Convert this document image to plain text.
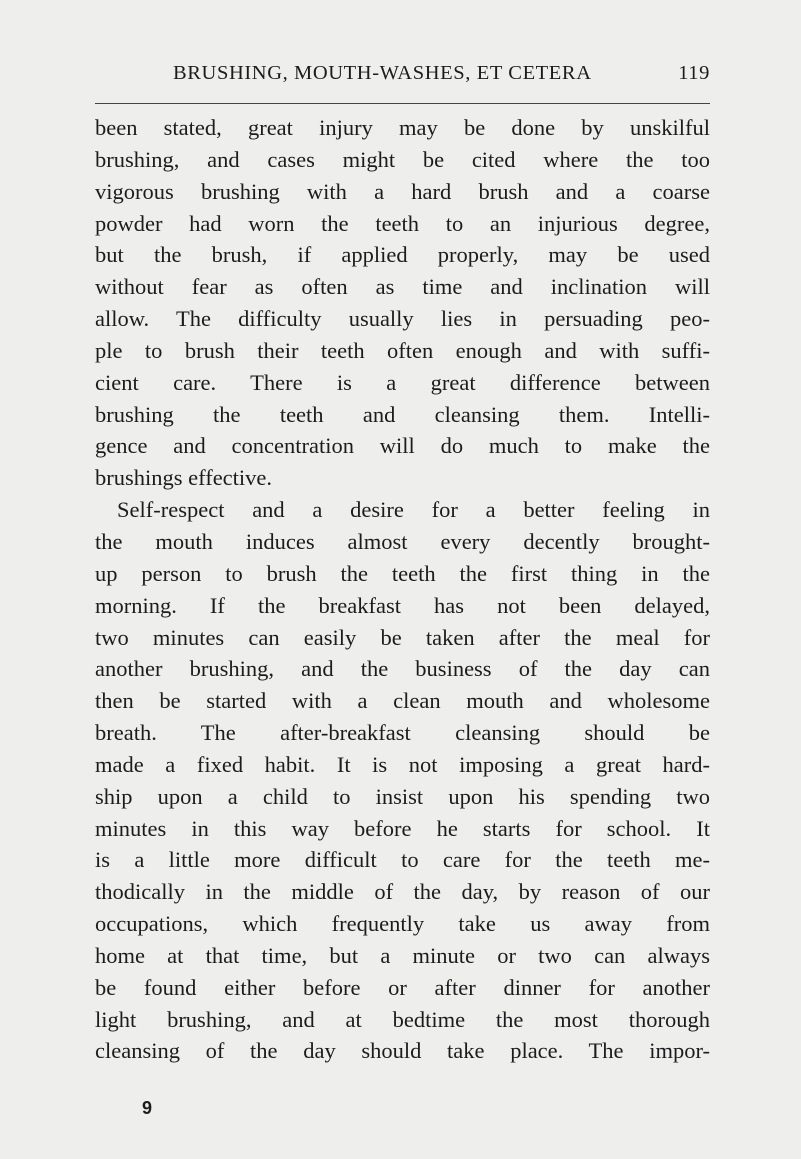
BRUSHING, MOUTH-WASHES, ET CETERA	119
been stated, great injury may be done by unskilful
brushing, and cases might be cited where the too
vigorous brushing with a hard brush and a coarse
powder had worn the teeth to an injurious degree,
but the brush, if applied properly, may be used
without fear as often as time and inclination will
allow. The difficulty usually lies in persuading peo-
ple to brush their teeth often enough and with suffi-
cient care. There is a great difference between
brushing the teeth and cleansing them. Intelli-
gence and concentration will do much to make the
brushings effective.
Self-respect and a desire for a better feeling in
the mouth induces almost every decently brought-
up person to brush the teeth the first thing in the
morning. If the breakfast has not been delayed,
two minutes can easily be taken after the meal for
another brushing, and the business of the day can
then be started with a clean mouth and wholesome
breath. The after-breakfast cleansing should be
made a fixed habit. It is not imposing a great hard-
ship upon a child to insist upon his spending two
minutes in this way before he starts for school. It
is a little more difficult to care for the teeth me-
thodically in the middle of the day, by reason of our
occupations, which frequently take us away from
home at that time, but a minute or two can always
be found either before or after dinner for another
light brushing, and at bedtime the most thorough
cleansing of the day should take place. The impor-
9
